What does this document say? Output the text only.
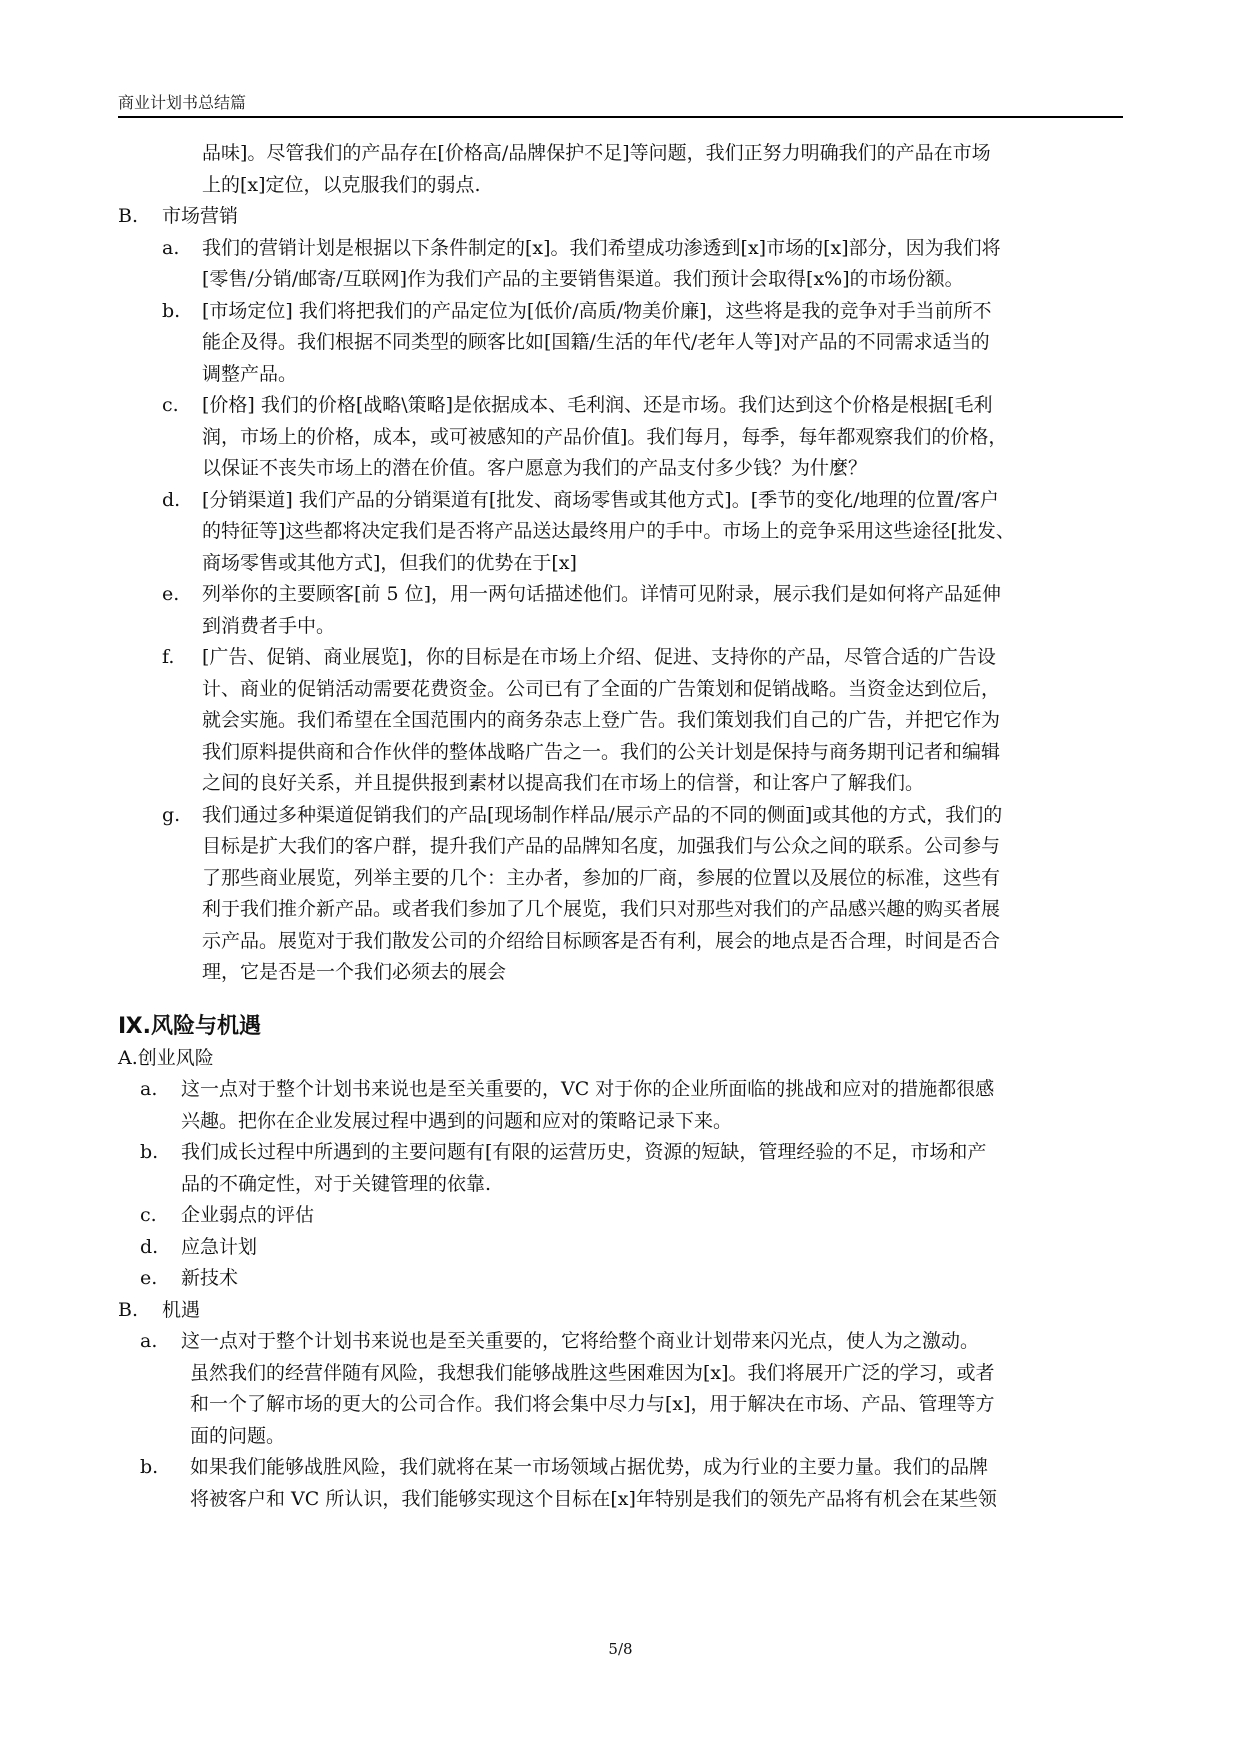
商业计划书总结篇
品味]。尽管我们的产品存在[价格高/品牌保护不足]等问题，我们正努力明确我们的产品在市场
上的[x]定位，以克服我们的弱点.
B. 市场营销
a. 我们的营销计划是根据以下条件制定的[x]。我们希望成功渗透到[x]市场的[x]部分，因为我们将
[零售/分销/邮寄/互联网]作为我们产品的主要销售渠道。我们预计会取得[x%]的市场份额。
b. [市场定位] 我们将把我们的产品定位为[低价/高质/物美价廉]，这些将是我的竞争对手当前所不
能企及得。我们根据不同类型的顾客比如[国籍/生活的年代/老年人等]对产品的不同需求适当的
调整产品。
c. [价格] 我们的价格[战略\策略]是依据成本、毛利润、还是市场。我们达到这个价格是根据[毛利
润，市场上的价格，成本，或可被感知的产品价值]。我们每月，每季，每年都观察我们的价格，
以保证不丧失市场上的潜在价值。客户愿意为我们的产品支付多少钱？为什麼？
d. [分销渠道] 我们产品的分销渠道有[批发、商场零售或其他方式]。[季节的变化/地理的位置/客户
的特征等]这些都将决定我们是否将产品送达最终用户的手中。市场上的竞争采用这些途径[批发、
商场零售或其他方式]，但我们的优势在于[x]
e. 列举你的主要顾客[前 5 位]，用一两句话描述他们。详情可见附录，展示我们是如何将产品延伸
到消费者手中。
f. [广告、促销、商业展览]，你的目标是在市场上介绍、促进、支持你的产品，尽管合适的广告设
计、商业的促销活动需要花费资金。公司已有了全面的广告策划和促销战略。当资金达到位后，
就会实施。我们希望在全国范围内的商务杂志上登广告。我们策划我们自己的广告，并把它作为
我们原料提供商和合作伙伴的整体战略广告之一。我们的公关计划是保持与商务期刊记者和编辑
之间的良好关系，并且提供报到素材以提高我们在市场上的信誉，和让客户了解我们。
g. 我们通过多种渠道促销我们的产品[现场制作样品/展示产品的不同的侧面]或其他的方式，我们的
目标是扩大我们的客户群，提升我们产品的品牌知名度，加强我们与公众之间的联系。公司参与
了那些商业展览，列举主要的几个：主办者，参加的厂商，参展的位置以及展位的标准，这些有
利于我们推介新产品。或者我们参加了几个展览，我们只对那些对我们的产品感兴趣的购买者展
示产品。展览对于我们散发公司的介绍给目标顾客是否有利，展会的地点是否合理，时间是否合
理，它是否是一个我们必须去的展会
Ⅸ.风险与机遇
A.创业风险
a. 这一点对于整个计划书来说也是至关重要的，VC 对于你的企业所面临的挑战和应对的措施都很感
兴趣。把你在企业发展过程中遇到的问题和应对的策略记录下来。
b. 我们成长过程中所遇到的主要问题有[有限的运营历史，资源的短缺，管理经验的不足，市场和产
品的不确定性，对于关键管理的依靠.
c. 企业弱点的评估
d. 应急计划
e. 新技术
B. 机遇
a. 这一点对于整个计划书来说也是至关重要的，它将给整个商业计划带来闪光点，使人为之激动。
虽然我们的经营伴随有风险，我想我们能够战胜这些困难因为[x]。我们将展开广泛的学习，或者
和一个了解市场的更大的公司合作。我们将会集中尽力与[x]，用于解决在市场、产品、管理等方
面的问题。
b. 如果我们能够战胜风险，我们就将在某一市场领域占据优势，成为行业的主要力量。我们的品牌
将被客户和 VC 所认识，我们能够实现这个目标在[x]年特别是我们的领先产品将有机会在某些领
5/8
